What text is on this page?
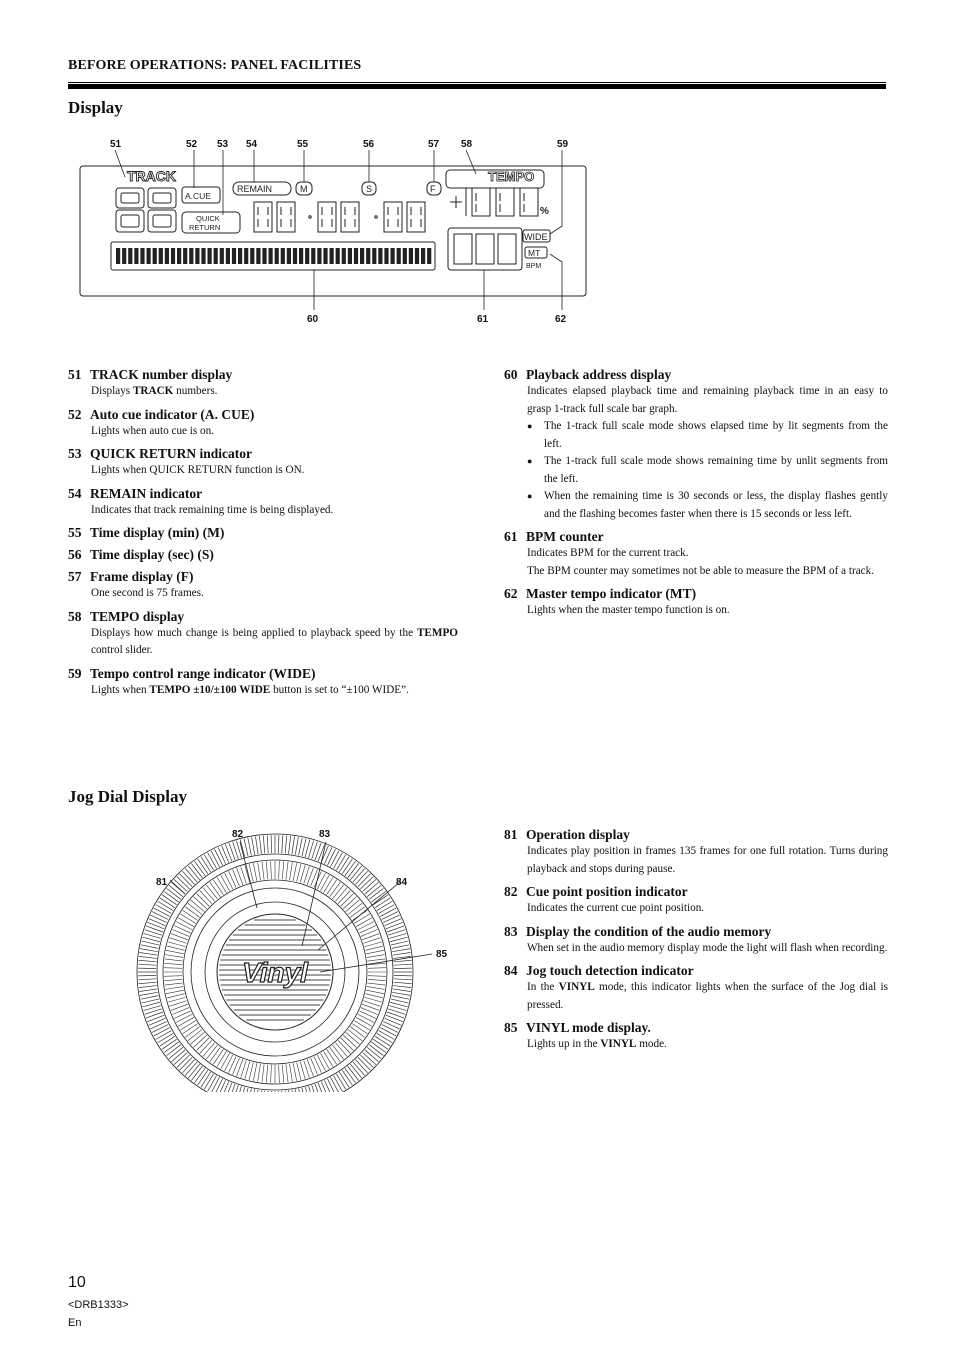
BEFORE OPERATIONS: PANEL FACILITIES
Display
51	52 53 54	55	56	57 58	59
60	61	62
TRACK
A.CUE
QUICK
RETURN
REMAIN	M	S	F
TEMPO
%
WIDE
MT
BPM
51 TRACK number display
Displays TRACK numbers.
52 Auto cue indicator (A. CUE)
Lights when auto cue is on.
53 QUICK RETURN indicator
Lights when QUICK RETURN function is ON.
54 REMAIN indicator
Indicates that track remaining time is being displayed.
55 Time display (min) (M)
56 Time display (sec) (S)
57 Frame display (F)
One second is 75 frames.
58 TEMPO display
Displays how much change is being applied to playback speed by the TEMPO control slider.
59 Tempo control range indicator (WIDE)
Lights when TEMPO ±10/±100 WIDE button is set to “±100 WIDE”.
60 Playback address display
Indicates elapsed playback time and remaining playback time in an easy to grasp 1-track full scale bar graph.
● The 1-track full scale mode shows elapsed time by lit segments from the left.
● The 1-track full scale mode shows remaining time by unlit segments from the left.
● When the remaining time is 30 seconds or less, the display flashes gently and the flashing becomes faster when there is 15 seconds or less left.
61 BPM counter
Indicates BPM for the current track.
The BPM counter may sometimes not be able to measure the BPM of a track.
62 Master tempo indicator (MT)
Lights when the master tempo function is on.
Jog Dial Display
82	83
81	84
85
Vinyl
81 Operation display
Indicates play position in frames 135 frames for one full rotation. Turns during playback and stops during pause.
82 Cue point position indicator
Indicates the current cue point position.
83 Display the condition of the audio memory
When set in the audio memory display mode the light will flash when recording.
84 Jog touch detection indicator
In the VINYL mode, this indicator lights when the surface of the Jog dial is pressed.
85 VINYL mode display.
Lights up in the VINYL mode.
10
<DRB1333>
En
